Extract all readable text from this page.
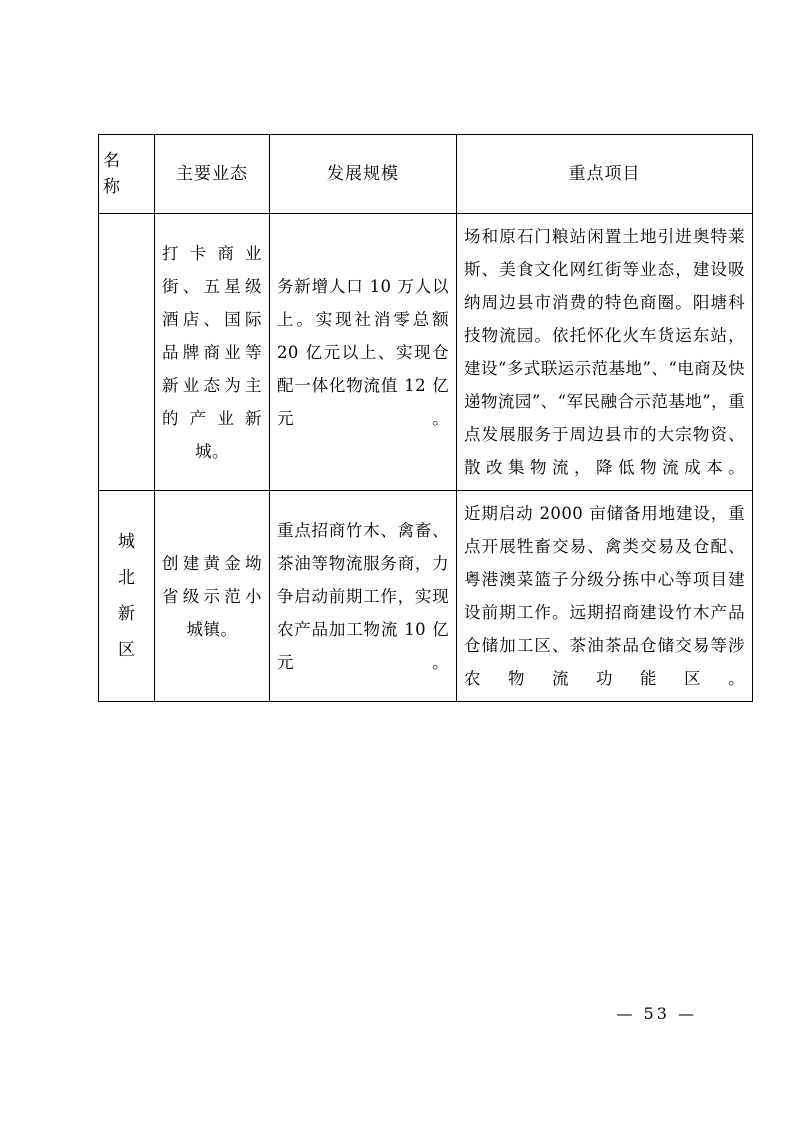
名
称	主要业态	发展规模	重点项目
	打卡商业街、五星级酒店、国际品牌商业等新业态为主的产业新城。	务新增人口 10 万人以上。实现社消零总额 20 亿元以上、实现仓配一体化物流值 12 亿元。	场和原石门粮站闲置土地引进奥特莱斯、美食文化网红街等业态，建设吸纳周边县市消费的特色商圈。阳塘科技物流园。依托怀化火车货运东站，建设“多式联运示范基地”、“电商及快递物流园”、“军民融合示范基地”，重点发展服务于周边县市的大宗物资、散改集物流，降低物流成本。

城
北
新
区	创建黄金坳省级示范小城镇。	重点招商竹木、禽畜、茶油等物流服务商，力争启动前期工作，实现农产品加工物流 10 亿元。	近期启动 2000 亩储备用地建设，重点开展牲畜交易、禽类交易及仓配、粤港澳菜篮子分级分拣中心等项目建设前期工作。远期招商建设竹木产品仓储加工区、茶油茶品仓储交易等涉农物流功能区。
— 53 —
